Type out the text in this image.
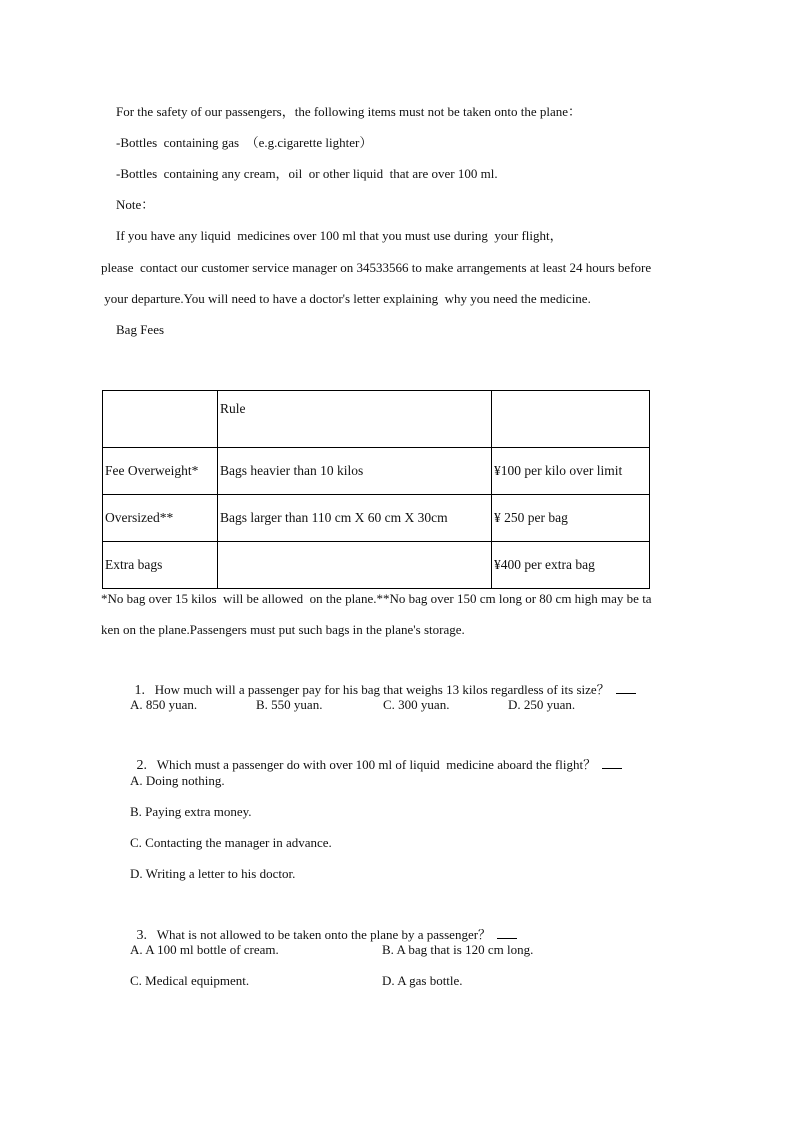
For the safety of our passengers，the following items must not be taken onto the plane：
-Bottles  containing gas  （e.g.cigarette lighter）
-Bottles  containing any cream，oil  or other liquid  that are over 100 ml.
Note：
If you have any liquid  medicines over 100 ml that you must use during  your flight，
please  contact our customer service manager on 34533566 to make arrangements at least 24 hours before
your departure.You will need to have a doctor's letter explaining  why you need the medicine.
Bag Fees
	Rule	
Fee Overweight*	Bags heavier than 10 kilos	¥100 per kilo over limit
Oversized**	Bags larger than 110 cm X 60 cm X 30cm	¥ 250 per bag
Extra bags		¥400 per extra bag
*No bag over 15 kilos  will be allowed  on the plane.**No bag over 150 cm long or 80 cm high may be ta
ken on the plane.Passengers must put such bags in the plane's storage.

1. How much will a passenger pay for his bag that weighs 13 kilos regardless of its size？

A. 850 yuan.	B. 550 yuan.	C. 300 yuan.	D. 250 yuan.

2. Which must a passenger do with over 100 ml of liquid  medicine aboard the flight？

A. Doing nothing.
B. Paying extra money.
C. Contacting the manager in advance.
D. Writing a letter to his doctor.

3. What is not allowed to be taken onto the plane by a passenger？

A. A 100 ml bottle of cream.	B. A bag that is 120 cm long.
C. Medical equipment.	D. A gas bottle.
